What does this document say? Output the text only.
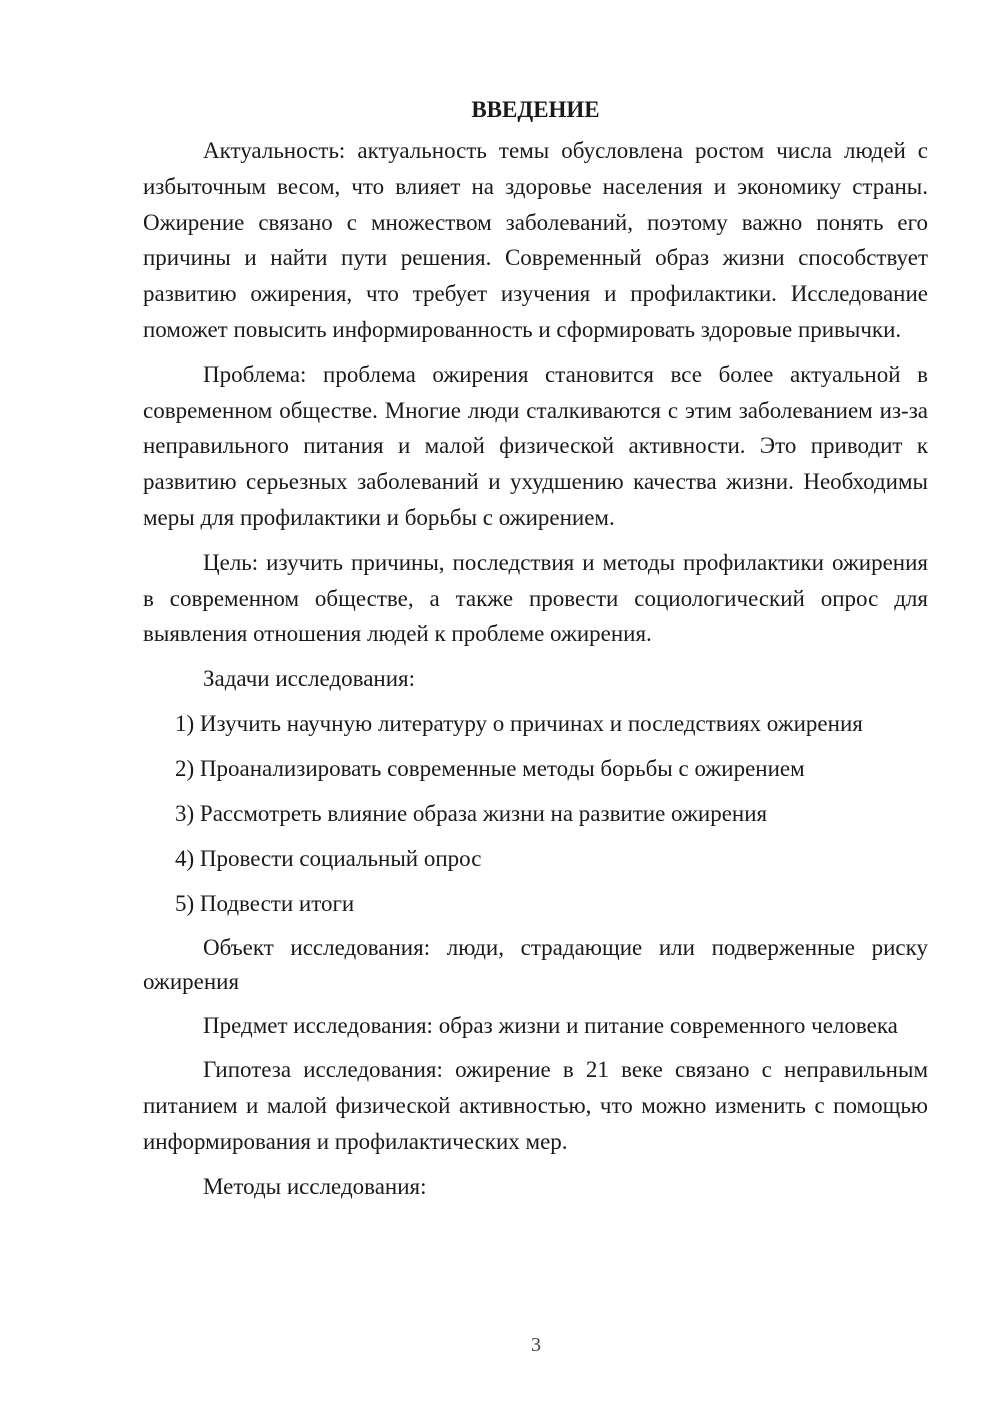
ВВЕДЕНИЕ

Актуальность: актуальность темы обусловлена ростом числа людей с избыточным весом, что влияет на здоровье населения и экономику страны. Ожирение связано с множеством заболеваний, поэтому важно понять его причины и найти пути решения. Современный образ жизни способствует развитию ожирения, что требует изучения и профилактики. Исследование поможет повысить информированность и сформировать здоровые привычки.

Проблема: проблема ожирения становится все более актуальной в современном обществе. Многие люди сталкиваются с этим заболеванием из-за неправильного питания и малой физической активности. Это приводит к развитию серьезных заболеваний и ухудшению качества жизни. Необходимы меры для профилактики и борьбы с ожирением.

Цель: изучить причины, последствия и методы профилактики ожирения в современном обществе, а также провести социологический опрос для выявления отношения людей к проблеме ожирения.

Задачи исследования:

1) Изучить научную литературу о причинах и последствиях ожирения
2) Проанализировать современные методы борьбы с ожирением
3) Рассмотреть влияние образа жизни на развитие ожирения
4) Провести социальный опрос
5) Подвести итоги

Объект исследования: люди, страдающие или подверженные риску ожирения

Предмет исследования: образ жизни и питание современного человека

Гипотеза исследования: ожирение в 21 веке связано с неправильным питанием и малой физической активностью, что можно изменить с помощью информирования и профилактических мер.

Методы исследования:

3
